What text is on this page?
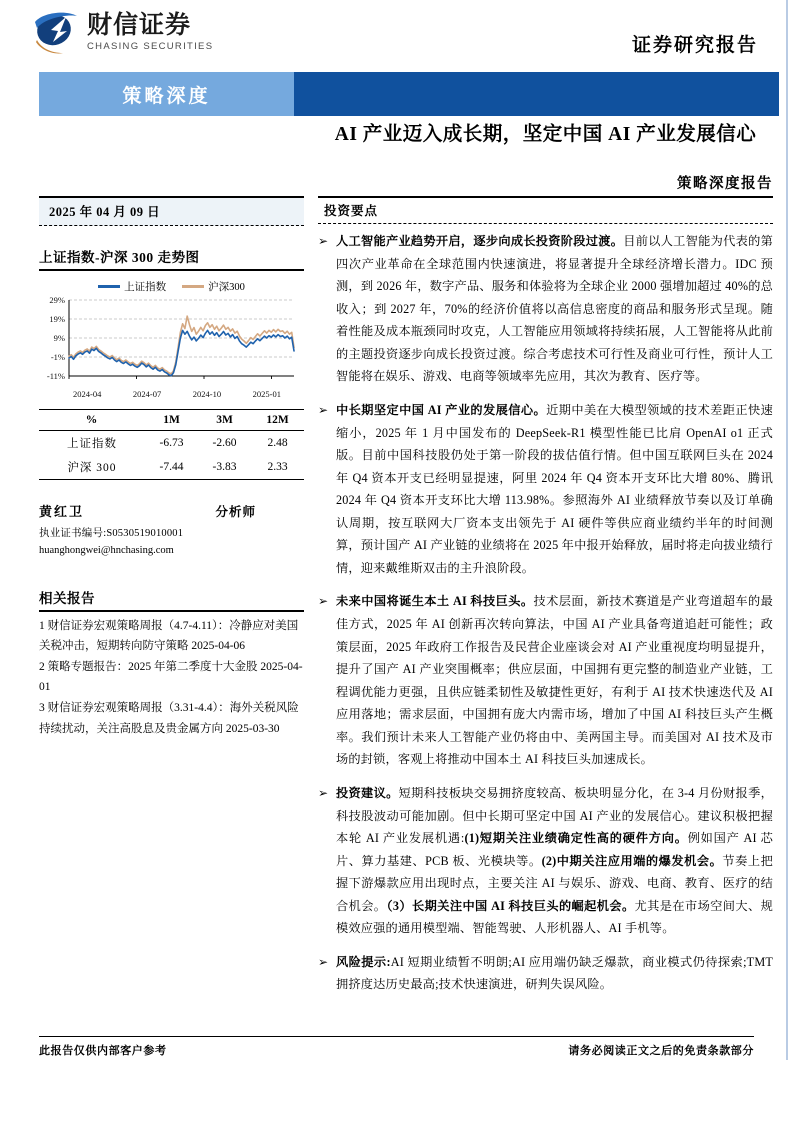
财信证券
CHASING SECURITIES	证券研究报告
策略深度
AI 产业迈入成长期，坚定中国 AI 产业发展信心
策略深度报告
2025 年 04 月 09 日
上证指数-沪深 300 走势图
上证指数	沪深300
-11%
-1%
9%
19%
29%
2024-04	2024-07	2024-10	2025-01
%	1M	3M	12M
上证指数	-6.73	-2.60	2.48
沪深 300	-7.44	-3.83	2.33
黄红卫	分析师
执业证书编号:S0530519010001
huanghongwei@hnchasing.com
相关报告
1 财信证券宏观策略周报（4.7-4.11）：冷静应对美国关税冲击，短期转向防守策略 2025-04-06
2 策略专题报告：2025 年第二季度十大金股 2025-04-01
3 财信证券宏观策略周报（3.31-4.4）：海外关税风险持续扰动，关注高股息及贵金属方向 2025-03-30
投资要点
➢ 人工智能产业趋势开启，逐步向成长投资阶段过渡。目前以人工智能为代表的第四次产业革命在全球范围内快速演进，将显著提升全球经济增长潜力。IDC 预测，到 2026 年，数字产品、服务和体验将为全球企业 2000 强增加超过 40%的总收入；到 2027 年，70%的经济价值将以高信息密度的商品和服务形式呈现。随着性能及成本瓶颈同时攻克，人工智能应用领域将持续拓展，人工智能将从此前的主题投资逐步向成长投资过渡。综合考虑技术可行性及商业可行性，预计人工智能将在娱乐、游戏、电商等领域率先应用，其次为教育、医疗等。
➢ 中长期坚定中国 AI 产业的发展信心。近期中美在大模型领域的技术差距正快速缩小，2025 年 1 月中国发布的 DeepSeek-R1 模型性能已比肩 OpenAI o1 正式版。目前中国科技股仍处于第一阶段的拔估值行情。但中国互联网巨头在 2024 年 Q4 资本开支已经明显提速，阿里 2024 年 Q4 资本开支环比大增 80%、腾讯 2024 年 Q4 资本开支环比大增 113.98%。参照海外 AI 业绩释放节奏以及订单确认周期，按互联网大厂资本支出领先于 AI 硬件等供应商业绩约半年的时间测算，预计国产 AI 产业链的业绩将在 2025 年中报开始释放，届时将走向拔业绩行情，迎来戴维斯双击的主升浪阶段。
➢ 未来中国将诞生本土 AI 科技巨头。技术层面，新技术赛道是产业弯道超车的最佳方式，2025 年 AI 创新再次转向算法，中国 AI 产业具备弯道追赶可能性；政策层面，2025 年政府工作报告及民营企业座谈会对 AI 产业重视度均明显提升，提升了国产 AI 产业突围概率；供应层面，中国拥有更完整的制造业产业链，工程调优能力更强，且供应链柔韧性及敏捷性更好，有利于 AI 技术快速迭代及 AI 应用落地；需求层面，中国拥有庞大内需市场，增加了中国 AI 科技巨头产生概率。我们预计未来人工智能产业仍将由中、美两国主导。而美国对 AI 技术及市场的封锁，客观上将推动中国本土 AI 科技巨头加速成长。
➢ 投资建议。短期科技板块交易拥挤度较高、板块明显分化，在 3-4 月份财报季，科技股波动可能加剧。但中长期可坚定中国 AI 产业的发展信心。建议积极把握本轮 AI 产业发展机遇:(1)短期关注业绩确定性高的硬件方向。例如国产 AI 芯片、算力基建、PCB 板、光模块等。(2)中期关注应用端的爆发机会。节奏上把握下游爆款应用出现时点，主要关注 AI 与娱乐、游戏、电商、教育、医疗的结合机会。（3）长期关注中国 AI 科技巨头的崛起机会。尤其是在市场空间大、规模效应强的通用模型端、智能驾驶、人形机器人、AI 手机等。
➢ 风险提示:AI 短期业绩暂不明朗;AI 应用端仍缺乏爆款，商业模式仍待探索;TMT 拥挤度达历史最高;技术快速演进，研判失误风险。
此报告仅供内部客户参考	请务必阅读正文之后的免责条款部分
